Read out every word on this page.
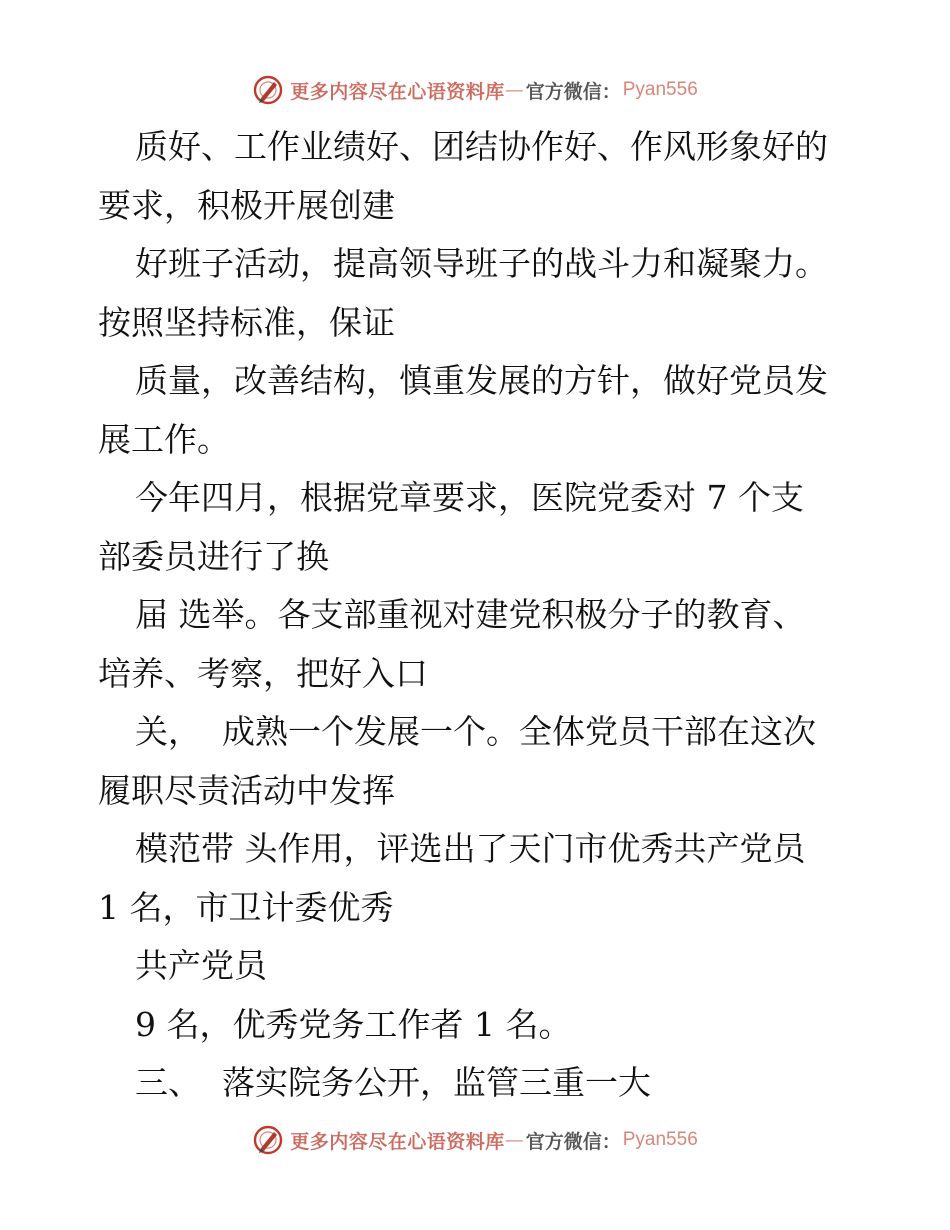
更多内容尽在心语资料库 — 官方微信： Pyan556
质好、工作业绩好、团结协作好、作风形象好的
要求，积极开展创建
好班子活动，提高领导班子的战斗力和凝聚力。
按照坚持标准，保证
质量，改善结构，慎重发展的方针，做好党员发
展工作。
今年四月，根据党章要求，医院党委对 7 个支
部委员进行了换
届 选举。各支部重视对建党积极分子的教育、
培养、考察，把好入口
关，  成熟一个发展一个。全体党员干部在这次
履职尽责活动中发挥
模范带 头作用，评选出了天门市优秀共产党员
1 名，市卫计委优秀
共产党员
9 名，优秀党务工作者 1 名。
三、  落实院务公开，监管三重一大
更多内容尽在心语资料库 — 官方微信： Pyan556
